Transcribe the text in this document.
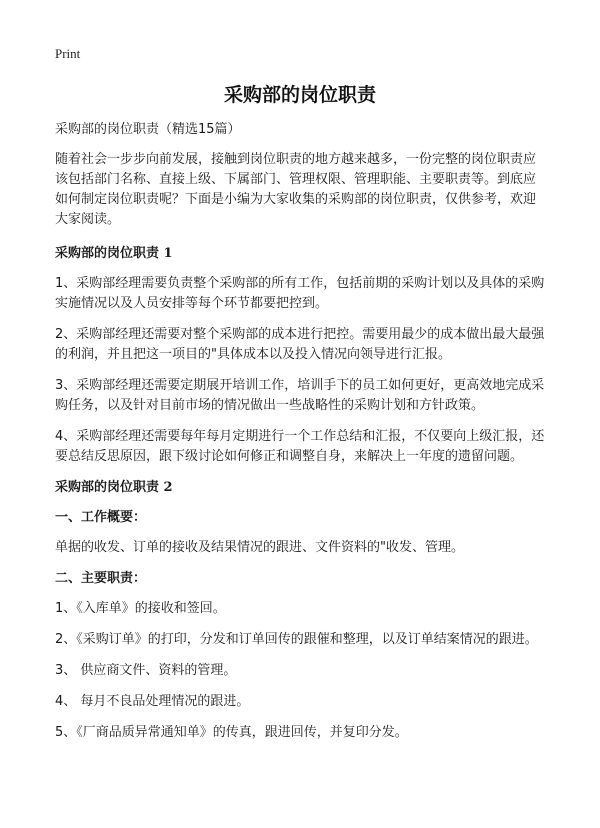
Print
采购部的岗位职责

采购部的岗位职责（精选15篇）

随着社会一步步向前发展，接触到岗位职责的地方越来越多，一份完整的岗位职责应该包括部门名称、直接上级、下属部门、管理权限、管理职能、主要职责等。到底应如何制定岗位职责呢？下面是小编为大家收集的采购部的岗位职责，仅供参考，欢迎大家阅读。

采购部的岗位职责 1

1、采购部经理需要负责整个采购部的所有工作，包括前期的采购计划以及具体的采购实施情况以及人员安排等每个环节都要把控到。

2、采购部经理还需要对整个采购部的成本进行把控。需要用最少的成本做出最大最强的利润，并且把这一项目的"具体成本以及投入情况向领导进行汇报。

3、采购部经理还需要定期展开培训工作，培训手下的员工如何更好，更高效地完成采购任务，以及针对目前市场的情况做出一些战略性的采购计划和方针政策。

4、采购部经理还需要每年每月定期进行一个工作总结和汇报，不仅要向上级汇报，还要总结反思原因，跟下级讨论如何修正和调整自身，来解决上一年度的遗留问题。

采购部的岗位职责 2

一、工作概要：

单据的收发、订单的接收及结果情况的跟进、文件资料的"收发、管理。

二、主要职责：

1、《入库单》的接收和签回。

2、《采购订单》的打印，分发和订单回传的跟催和整理，以及订单结案情况的跟进。

3、 供应商文件、资料的管理。

4、 每月不良品处理情况的跟进。

5、《厂商品质异常通知单》的传真，跟进回传，并复印分发。
